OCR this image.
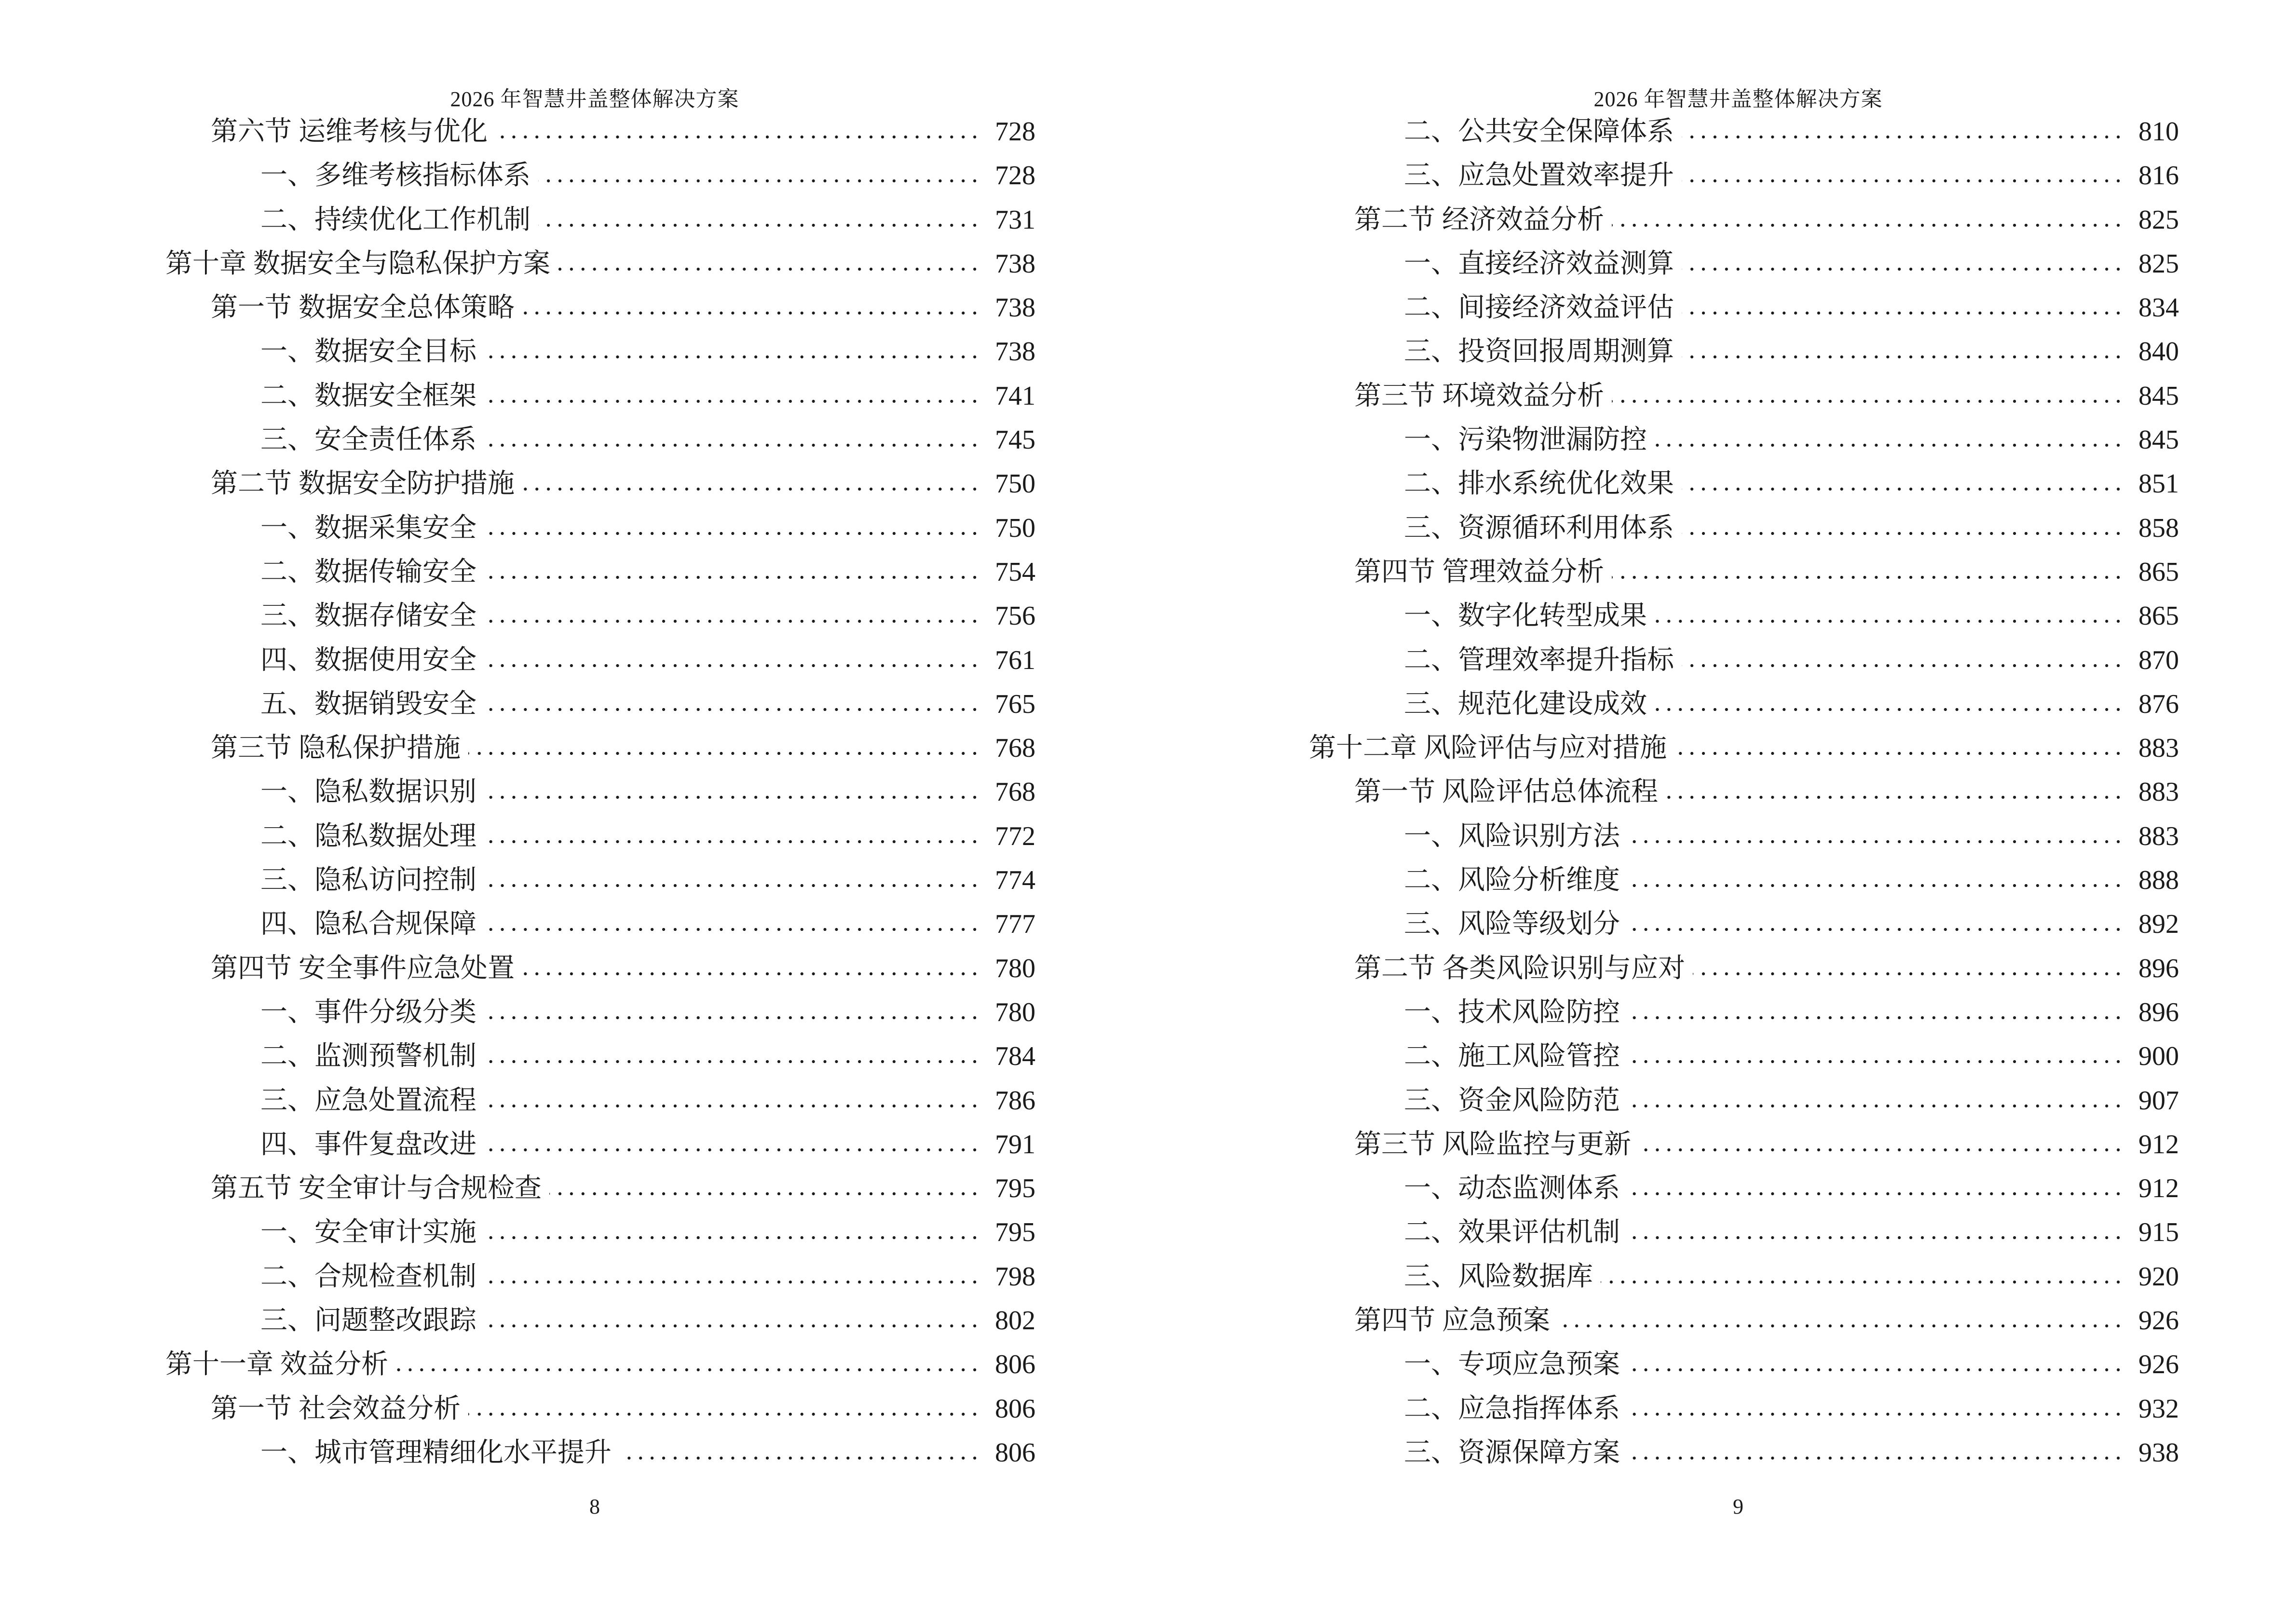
2026 年智慧井盖整体解决方案
第六节 运维考核与优化	728
一、多维考核指标体系	728
二、持续优化工作机制	731
第十章 数据安全与隐私保护方案	738
第一节 数据安全总体策略	738
一、数据安全目标	738
二、数据安全框架	741
三、安全责任体系	745
第二节 数据安全防护措施	750
一、数据采集安全	750
二、数据传输安全	754
三、数据存储安全	756
四、数据使用安全	761
五、数据销毁安全	765
第三节 隐私保护措施	768
一、隐私数据识别	768
二、隐私数据处理	772
三、隐私访问控制	774
四、隐私合规保障	777
第四节 安全事件应急处置	780
一、事件分级分类	780
二、监测预警机制	784
三、应急处置流程	786
四、事件复盘改进	791
第五节 安全审计与合规检查	795
一、安全审计实施	795
二、合规检查机制	798
三、问题整改跟踪	802
第十一章 效益分析	806
第一节 社会效益分析	806
一、城市管理精细化水平提升	806
8
2026 年智慧井盖整体解决方案
二、公共安全保障体系	810
三、应急处置效率提升	816
第二节 经济效益分析	825
一、直接经济效益测算	825
二、间接经济效益评估	834
三、投资回报周期测算	840
第三节 环境效益分析	845
一、污染物泄漏防控	845
二、排水系统优化效果	851
三、资源循环利用体系	858
第四节 管理效益分析	865
一、数字化转型成果	865
二、管理效率提升指标	870
三、规范化建设成效	876
第十二章 风险评估与应对措施	883
第一节 风险评估总体流程	883
一、风险识别方法	883
二、风险分析维度	888
三、风险等级划分	892
第二节 各类风险识别与应对	896
一、技术风险防控	896
二、施工风险管控	900
三、资金风险防范	907
第三节 风险监控与更新	912
一、动态监测体系	912
二、效果评估机制	915
三、风险数据库	920
第四节 应急预案	926
一、专项应急预案	926
二、应急指挥体系	932
三、资源保障方案	938
9
